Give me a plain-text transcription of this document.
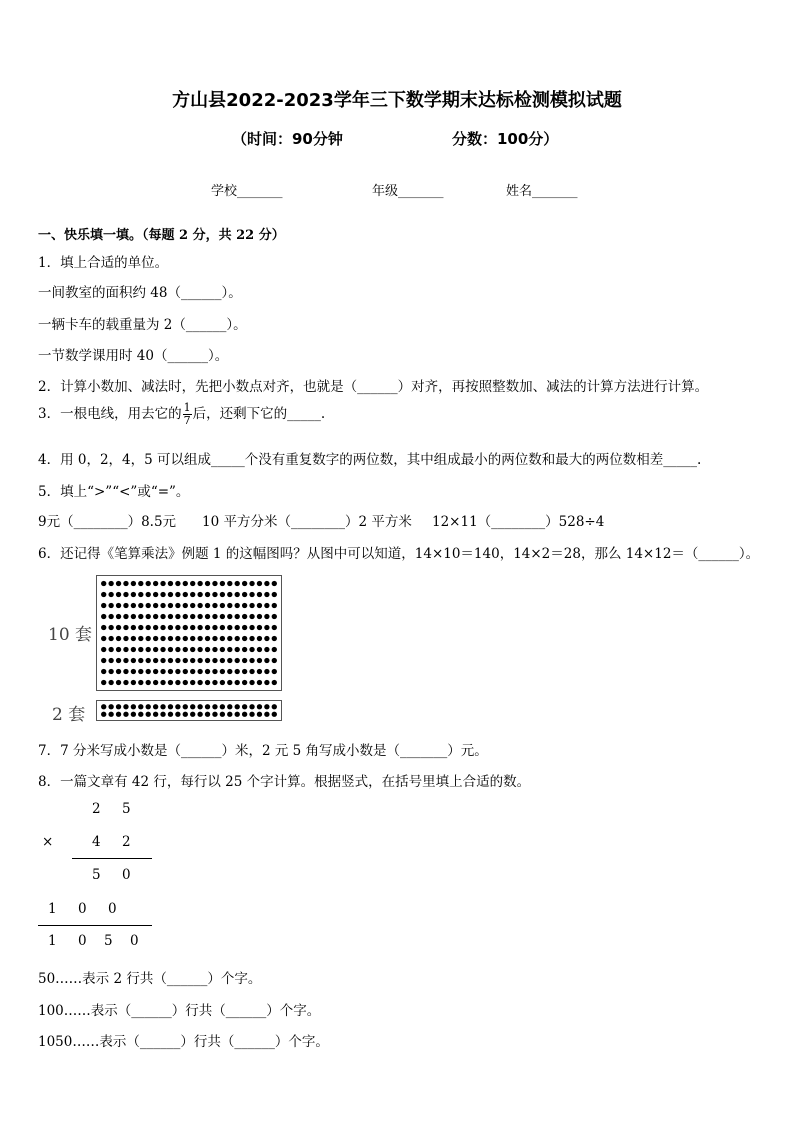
方山县2022-2023学年三下数学期末达标检测模拟试题
（时间：90分钟	分数：100分）
学校_______	年级_______	姓名_______
一、快乐填一填。（每题 2 分，共 22 分）
1．填上合适的单位。
一间教室的面积约 48（______）。
一辆卡车的载重量为 2（______）。
一节数学课用时 40（______）。
2．计算小数加、减法时，先把小数点对齐，也就是（______）对齐，再按照整数加、减法的计算方法进行计算。
3．一根电线，用去它的 $\frac{1}{7}$ 后，还剩下它的_____.
4．用 0，2，4，5 可以组成_____个没有重复数字的两位数，其中组成最小的两位数和最大的两位数相差_____.
5．填上“>”“<”或“=”。
9元（________）8.5元 10 平方分米（________）2 平方米 12×11（________）528÷4
6．还记得《笔算乘法》例题 1 的这幅图吗？从图中可以知道，14×10＝140，14×2＝28，那么 14×12＝（______）。
10 套
2 套
7．7 分米写成小数是（______）米，2 元 5 角写成小数是（_______）元。
8．一篇文章有 42 行，每行以 25 个字计算。根据竖式，在括号里填上合适的数。
2 5
×	4 2
5 0
1 0 0
1 0 5 0
50……表示 2 行共（______）个字。
100……表示（______）行共（______）个字。
1050……表示（______）行共（______）个字。
